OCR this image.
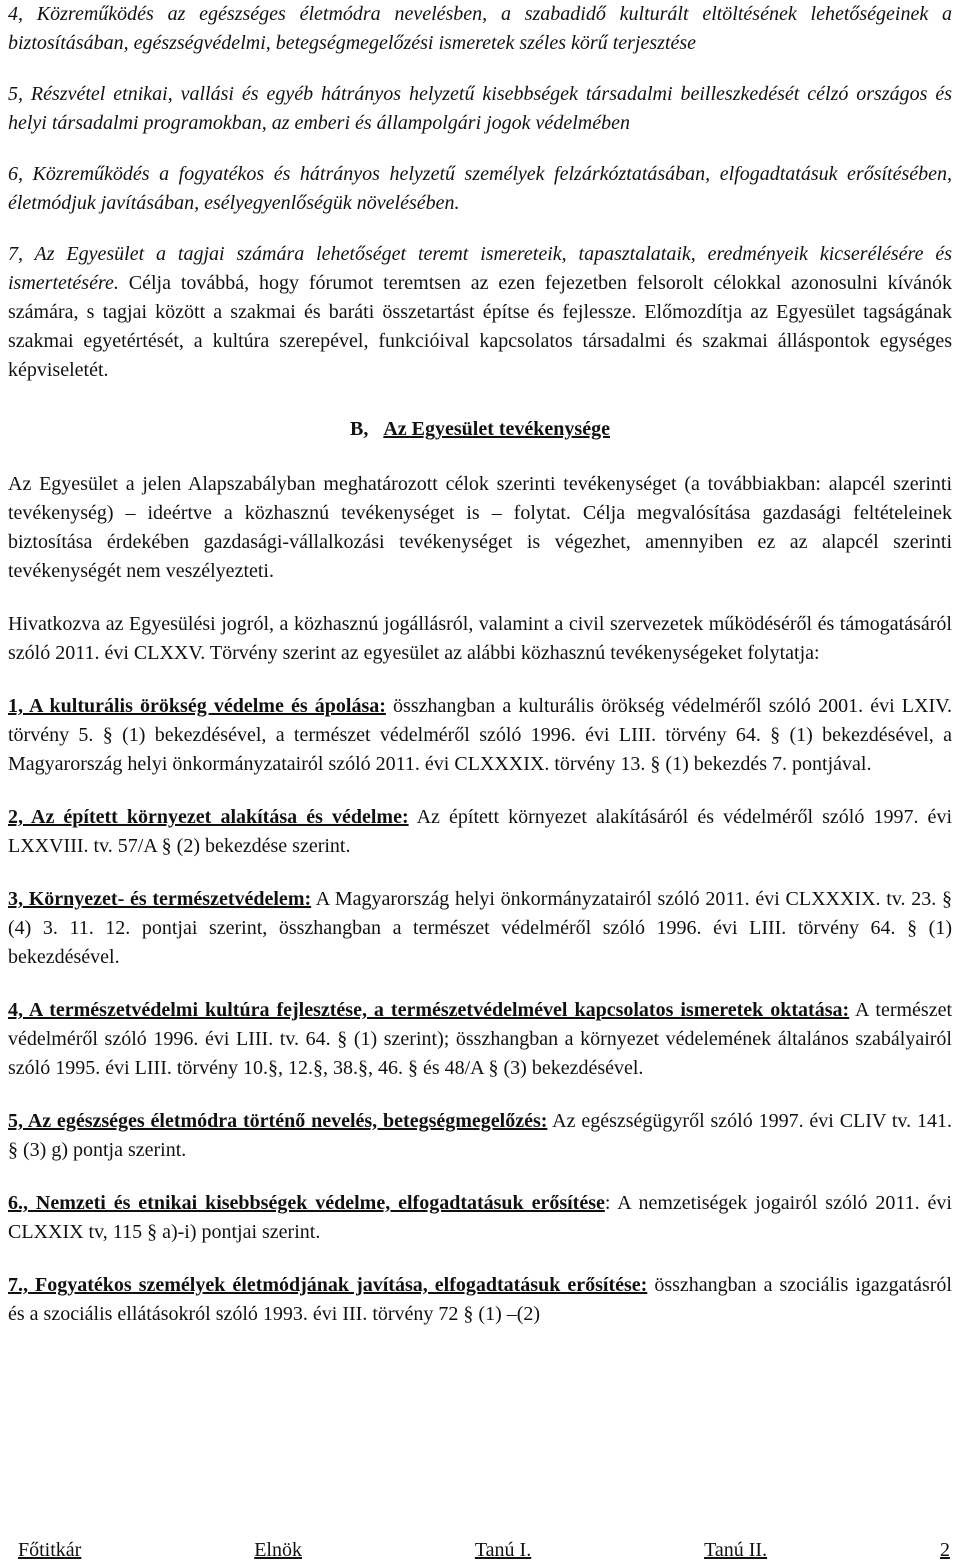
4, Közreműködés az egészséges életmódra nevelésben, a szabadidő kulturált eltöltésének lehetőségeinek a biztosításában, egészségvédelmi, betegségmegelőzési ismeretek széles körű terjesztése

5, Részvétel etnikai, vallási és egyéb hátrányos helyzetű kisebbségek társadalmi beilleszkedését célzó országos és helyi társadalmi programokban, az emberi és állampolgári jogok védelmében

6, Közreműködés a fogyatékos és hátrányos helyzetű személyek felzárkóztatásában, elfogadtatásuk erősítésében, életmódjuk javításában, esélyegyenlőségük növelésében.

7, Az Egyesület a tagjai számára lehetőséget teremt ismereteik, tapasztalataik, eredményeik kicserélésére és ismertetésére. Célja továbbá, hogy fórumot teremtsen az ezen fejezetben felsorolt célokkal azonosulni kívánók számára, s tagjai között a szakmai és baráti összetartást építse és fejlessze. Előmozdítja az Egyesület tagságának szakmai egyetértését, a kultúra szerepével, funkcióival kapcsolatos társadalmi és szakmai álláspontok egységes képviseletét.

B, Az Egyesület tevékenysége

Az Egyesület a jelen Alapszabályban meghatározott célok szerinti tevékenységet (a továbbiakban: alapcél szerinti tevékenység) – ideértve a közhasznú tevékenységet is – folytat. Célja megvalósítása gazdasági feltételeinek biztosítása érdekében gazdasági-vállalkozási tevékenységet is végezhet, amennyiben ez az alapcél szerinti tevékenységét nem veszélyezteti.

Hivatkozva az Egyesülési jogról, a közhasznú jogállásról, valamint a civil szervezetek működéséről és támogatásáról szóló 2011. évi CLXXV. Törvény szerint az egyesület az alábbi közhasznú tevékenységeket folytatja:

1, A kulturális örökség védelme és ápolása: összhangban a kulturális örökség védelméről szóló 2001. évi LXIV. törvény 5. § (1) bekezdésével, a természet védelméről szóló 1996. évi LIII. törvény 64. § (1) bekezdésével, a Magyarország helyi önkormányzatairól szóló 2011. évi CLXXXIX. törvény 13. § (1) bekezdés 7. pontjával.

2, Az épített környezet alakítása és védelme: Az épített környezet alakításáról és védelméről szóló 1997. évi LXXVIII. tv. 57/A § (2) bekezdése szerint.

3, Környezet- és természetvédelem: A Magyarország helyi önkormányzatairól szóló 2011. évi CLXXXIX. tv. 23. § (4) 3. 11. 12. pontjai szerint, összhangban a természet védelméről szóló 1996. évi LIII. törvény 64. § (1) bekezdésével.

4, A természetvédelmi kultúra fejlesztése, a természetvédelmével kapcsolatos ismeretek oktatása: A természet védelméről szóló 1996. évi LIII. tv. 64. § (1) szerint); összhangban a környezet védelemének általános szabályairól szóló 1995. évi LIII. törvény 10.§, 12.§, 38.§, 46. § és 48/A § (3) bekezdésével.

5, Az egészséges életmódra történő nevelés, betegségmegelőzés: Az egészségügyről szóló 1997. évi CLIV tv. 141. § (3) g) pontja szerint.

6., Nemzeti és etnikai kisebbségek védelme, elfogadtatásuk erősítése: A nemzetiségek jogairól szóló 2011. évi CLXXIX tv, 115 § a)-i) pontjai szerint.

7., Fogyatékos személyek életmódjának javítása, elfogadtatásuk erősítése: összhangban a szociális igazgatásról és a szociális ellátásokról szóló 1993. évi III. törvény 72 § (1) –(2)

Főtitkár	Elnök	Tanú I.	Tanú II.	2
